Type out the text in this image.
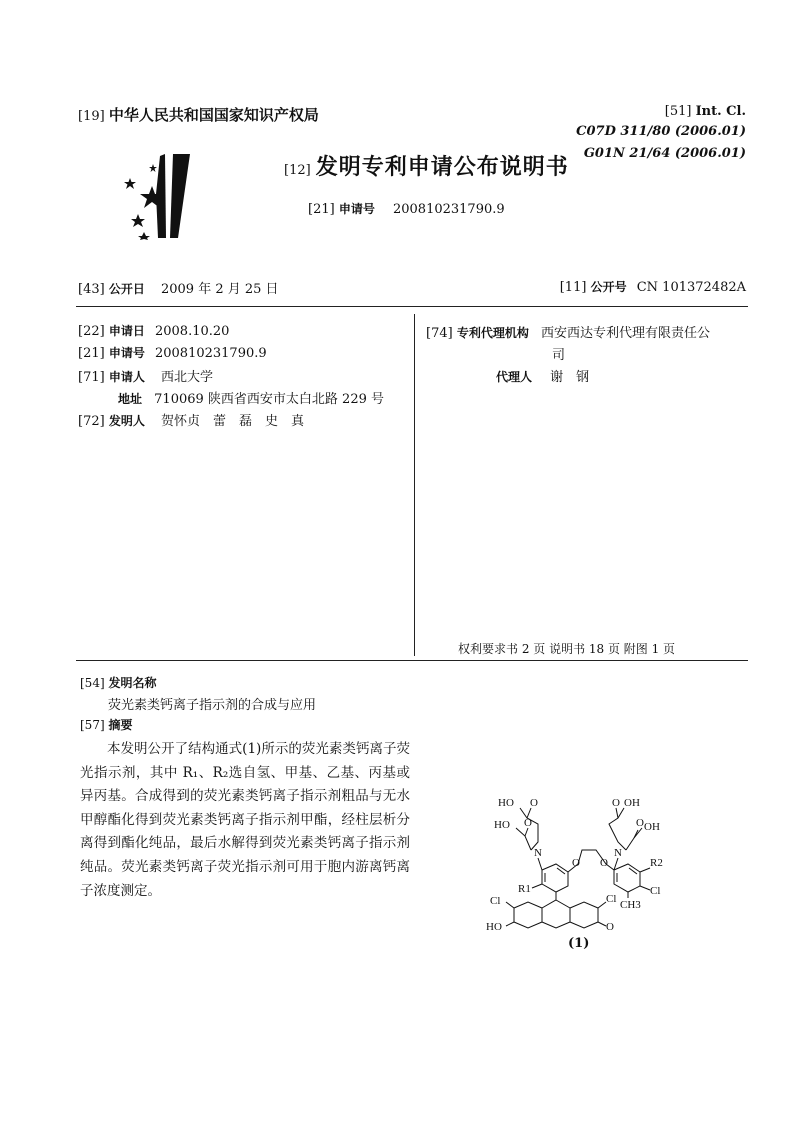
[19] 中华人民共和国国家知识产权局
[12] 发明专利申请公布说明书
[21] 申请号 200810231790.9
[51] Int. Cl.
C07D 311/80 (2006.01)
G01N 21/64 (2006.01)
[43] 公开日 2009 年 2 月 25 日	[11] 公开号 CN 101372482A
[22] 申请日 2008.10.20
[21] 申请号 200810231790.9
[71] 申请人 西北大学
地址 710069 陕西省西安市太白北路 229 号
[72] 发明人 贺怀贞　蕾　磊　史　真
[74] 专利代理机构 西安西达专利代理有限责任公
司
代理人 谢　钢
权利要求书 2 页 说明书 18 页 附图 1 页
[54] 发明名称
荧光素类钙离子指示剂的合成与应用
[57] 摘要

本发明公开了结构通式(1)所示的荧光素类钙离子荧光指示剂，其中 R₁、R₂选自氢、甲基、乙基、丙基或异丙基。合成得到的荧光素类钙离子指示剂粗品与无水甲醇酯化得到荧光素类钙离子指示剂甲酯，经柱层析分离得到酯化纯品，最后水解得到荧光素类钙离子指示剂纯品。荧光素类钙离子荧光指示剂可用于胞内游离钙离子浓度测定。

HO O	O OH
HO O	O OH
N	N
O O
R1
R2
Cl
CH3
Cl	Cl
HO	O
(1)
